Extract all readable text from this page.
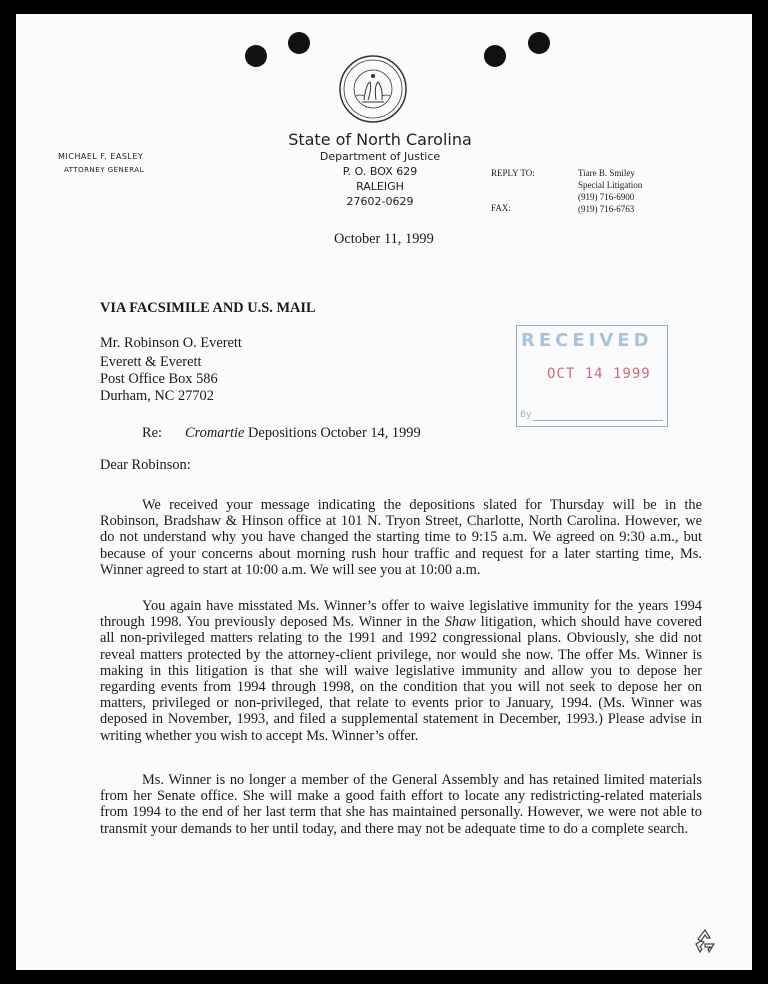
State of North Carolina
Department of Justice
P. O. BOX 629
RALEIGH
27602-0629
MICHAEL F. EASLEY
ATTORNEY GENERAL	REPLY TO:
FAX:
Tiare B. Smiley
Special Litigation
(919) 716-6900
(919) 716-6763
October 11, 1999
VIA FACSIMILE AND U.S. MAIL
Mr. Robinson O. Everett
Everett & Everett
Post Office Box 586
Durham, NC 27702
RECEIVED
OCT 14 1999
By
Re: Cromartie Depositions October 14, 1999
Dear Robinson:
We received your message indicating the depositions slated for Thursday will be in the Robinson, Bradshaw & Hinson office at 101 N. Tryon Street, Charlotte, North Carolina. However, we do not understand why you have changed the starting time to 9:15 a.m. We agreed on 9:30 a.m., but because of your concerns about morning rush hour traffic and request for a later starting time, Ms. Winner agreed to start at 10:00 a.m. We will see you at 10:00 a.m.
You again have misstated Ms. Winner’s offer to waive legislative immunity for the years 1994 through 1998. You previously deposed Ms. Winner in the Shaw litigation, which should have covered all non-privileged matters relating to the 1991 and 1992 congressional plans. Obviously, she did not reveal matters protected by the attorney-client privilege, nor would she now. The offer Ms. Winner is making in this litigation is that she will waive legislative immunity and allow you to depose her regarding events from 1994 through 1998, on the condition that you will not seek to depose her on matters, privileged or non-privileged, that relate to events prior to January, 1994. (Ms. Winner was deposed in November, 1993, and filed a supplemental statement in December, 1993.) Please advise in writing whether you wish to accept Ms. Winner’s offer.
Ms. Winner is no longer a member of the General Assembly and has retained limited materials from her Senate office. She will make a good faith effort to locate any redistricting-related materials from 1994 to the end of her last term that she has maintained personally. However, we were not able to transmit your demands to her until today, and there may not be adequate time to do a complete search.
